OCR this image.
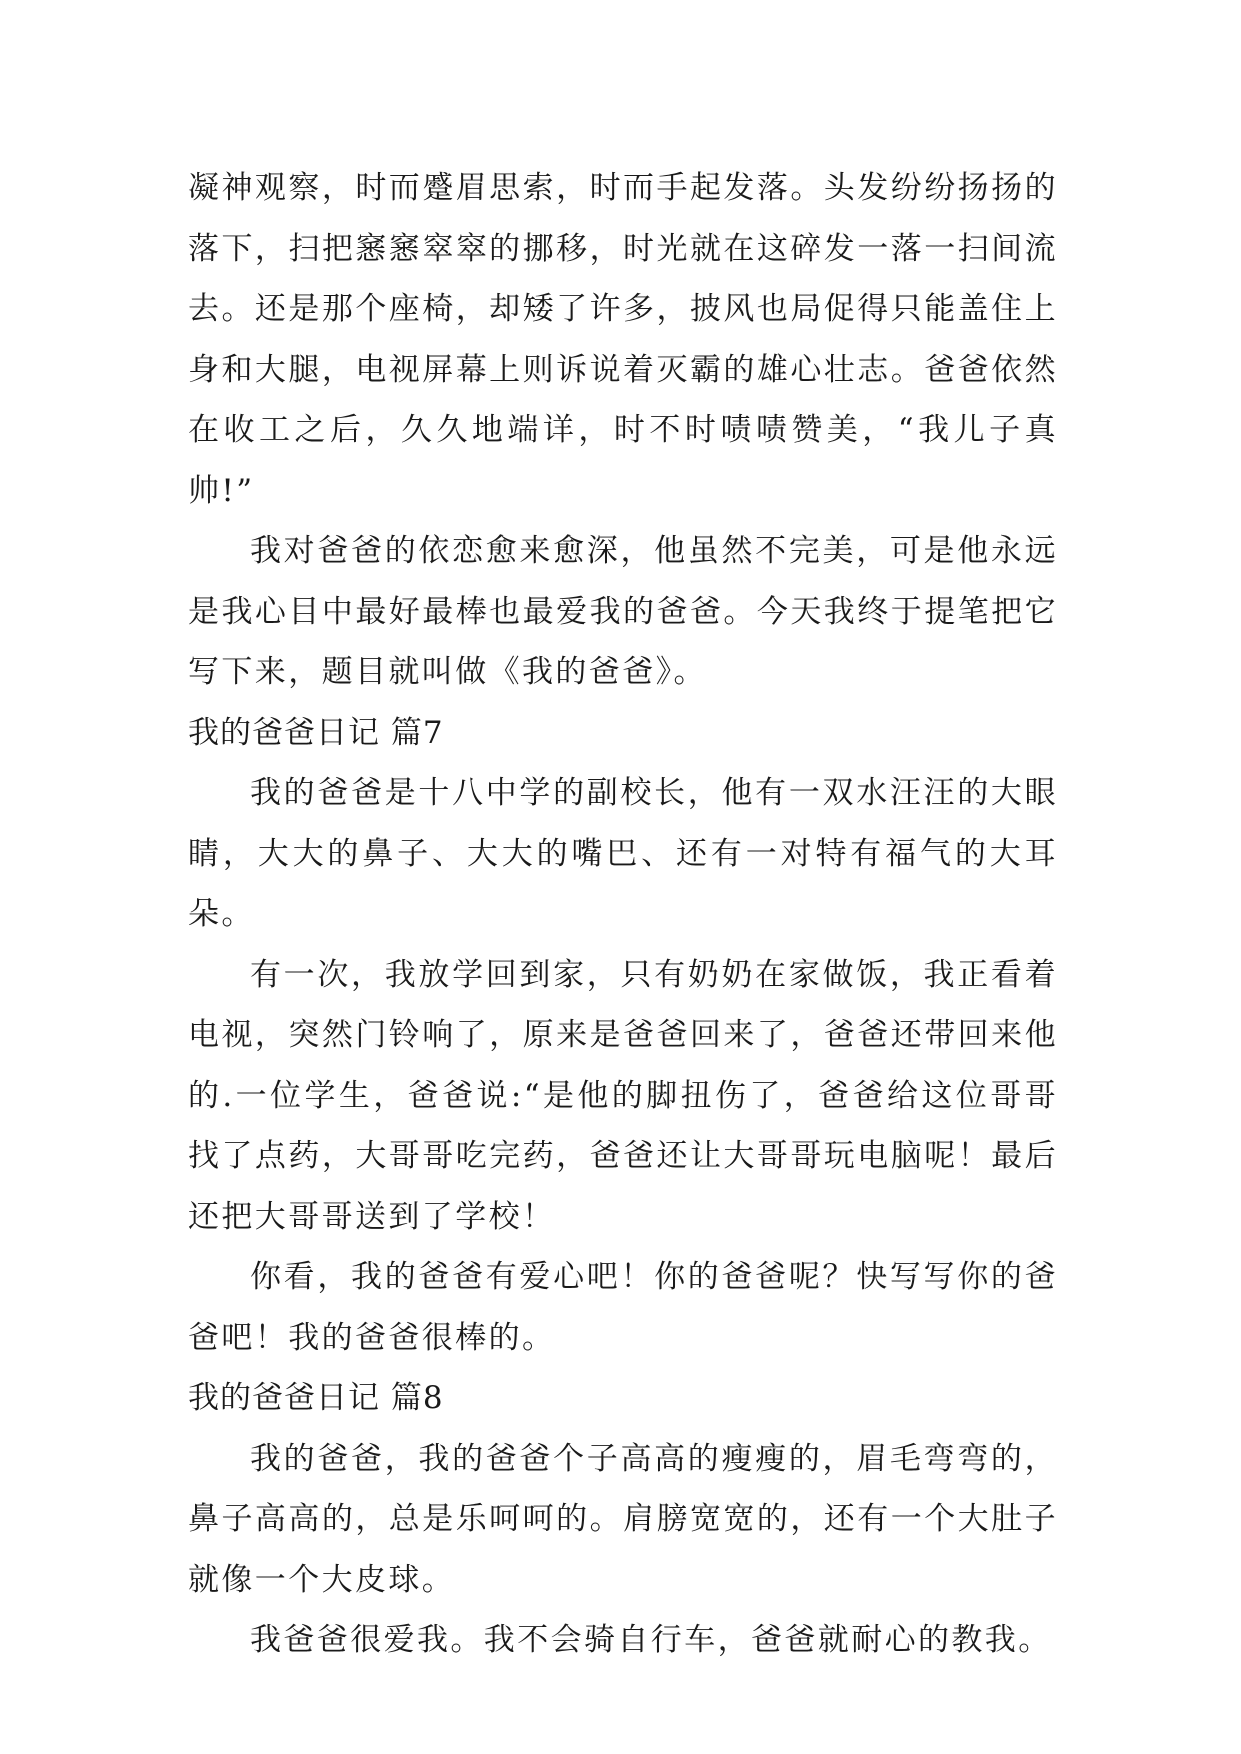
凝神观察，时而蹙眉思索，时而手起发落。头发纷纷扬扬的落下，扫把窸窸窣窣的挪移，时光就在这碎发一落一扫间流去。还是那个座椅，却矮了许多，披风也局促得只能盖住上身和大腿，电视屏幕上则诉说着灭霸的雄心壮志。爸爸依然在收工之后，久久地端详，时不时啧啧赞美，“我儿子真帅!”

我对爸爸的依恋愈来愈深，他虽然不完美，可是他永远是我心目中最好最棒也最爱我的爸爸。今天我终于提笔把它写下来，题目就叫做《我的爸爸》。

我的爸爸日记 篇7

我的爸爸是十八中学的副校长，他有一双水汪汪的大眼睛，大大的鼻子、大大的嘴巴、还有一对特有福气的大耳朵。

有一次，我放学回到家，只有奶奶在家做饭，我正看着电视，突然门铃响了，原来是爸爸回来了，爸爸还带回来他的.一位学生，爸爸说:“是他的脚扭伤了，爸爸给这位哥哥找了点药，大哥哥吃完药，爸爸还让大哥哥玩电脑呢！最后还把大哥哥送到了学校！

你看，我的爸爸有爱心吧！你的爸爸呢？快写写你的爸爸吧！我的爸爸很棒的。

我的爸爸日记 篇8

我的爸爸，我的爸爸个子高高的瘦瘦的，眉毛弯弯的，鼻子高高的，总是乐呵呵的。肩膀宽宽的，还有一个大肚子就像一个大皮球。

我爸爸很爱我。我不会骑自行车，爸爸就耐心的教我。
